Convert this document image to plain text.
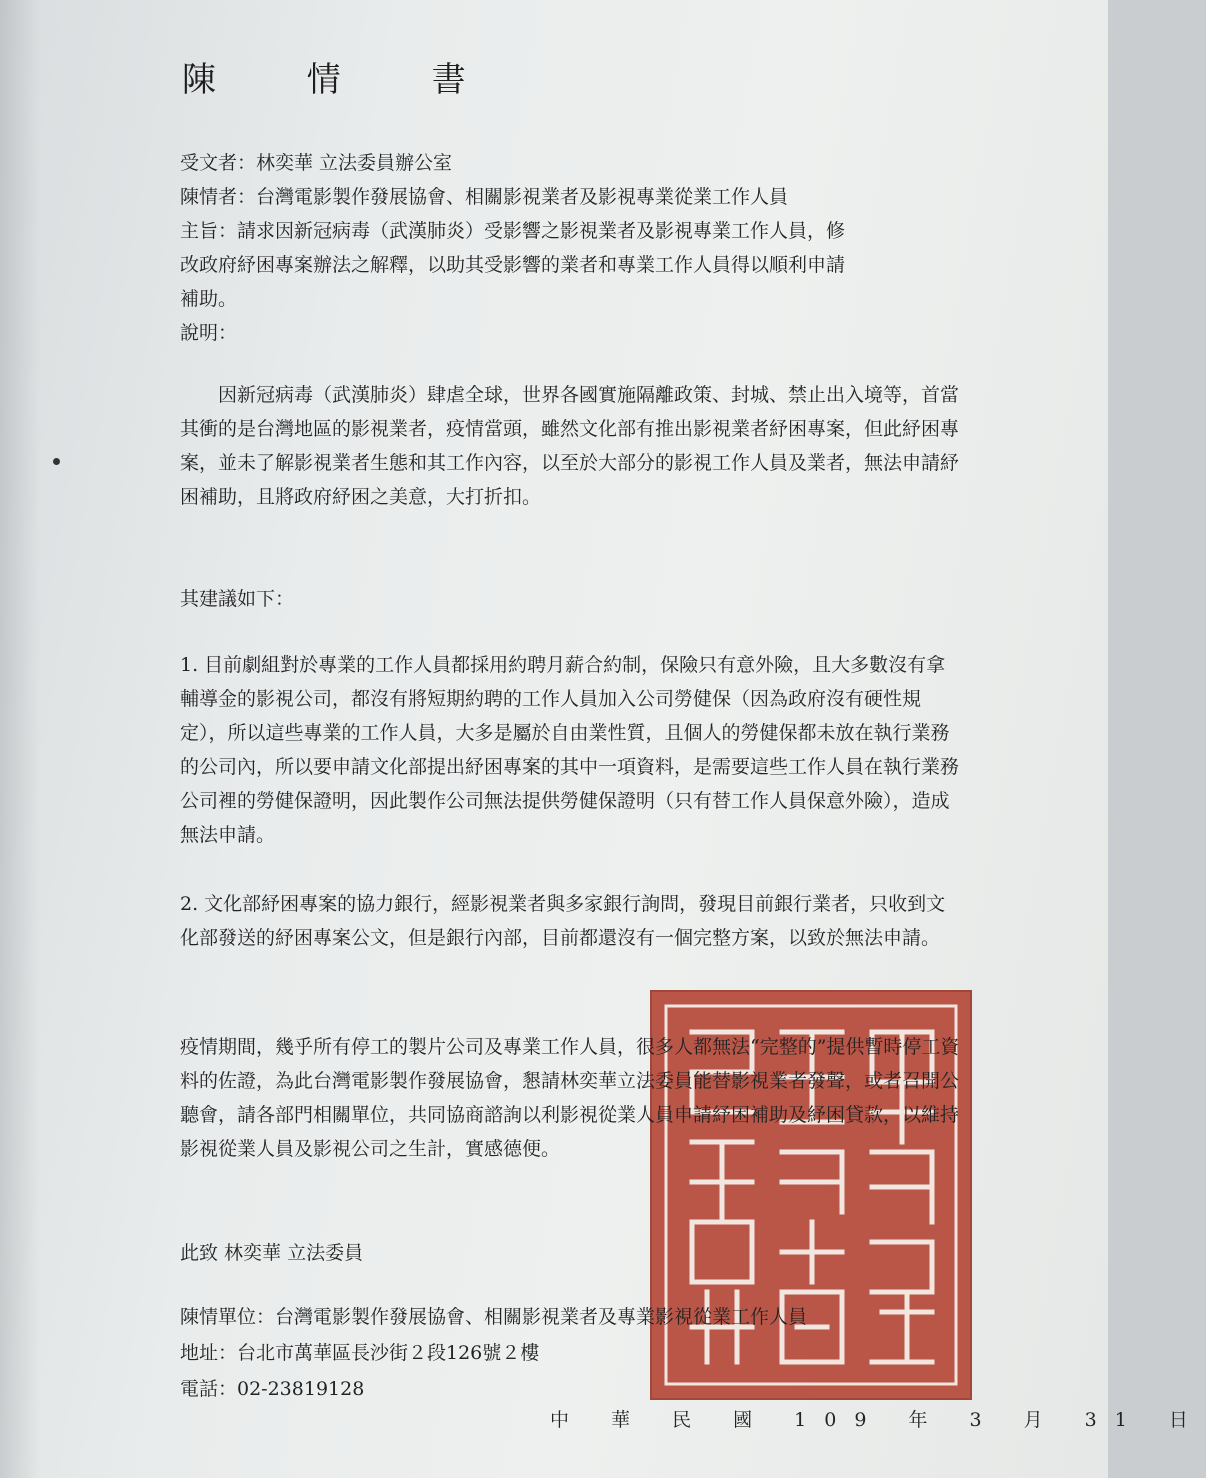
陳 情 書
受文者：林奕華 立法委員辦公室
陳情者：台灣電影製作發展協會、相關影視業者及影視專業從業工作人員
主旨：請求因新冠病毒（武漢肺炎）受影響之影視業者及影視專業工作人員，修
改政府紓困專案辦法之解釋，以助其受影響的業者和專業工作人員得以順利申請
補助。
說明：
因新冠病毒（武漢肺炎）肆虐全球，世界各國實施隔離政策、封城、禁止出入境等，首當其衝的是台灣地區的影視業者，疫情當頭，雖然文化部有推出影視業者紓困專案，但此紓困專案，並未了解影視業者生態和其工作內容，以至於大部分的影視工作人員及業者，無法申請紓困補助，且將政府紓困之美意，大打折扣。
其建議如下：
1. 目前劇組對於專業的工作人員都採用約聘月薪合約制，保險只有意外險，且大多數沒有拿輔導金的影視公司，都沒有將短期約聘的工作人員加入公司勞健保（因為政府沒有硬性規定），所以這些專業的工作人員，大多是屬於自由業性質，且個人的勞健保都未放在執行業務的公司內，所以要申請文化部提出紓困專案的其中一項資料，是需要這些工作人員在執行業務公司裡的勞健保證明，因此製作公司無法提供勞健保證明（只有替工作人員保意外險），造成無法申請。
2. 文化部紓困專案的協力銀行，經影視業者與多家銀行詢問，發現目前銀行業者，只收到文化部發送的紓困專案公文，但是銀行內部，目前都還沒有一個完整方案，以致於無法申請。
疫情期間，幾乎所有停工的製片公司及專業工作人員，很多人都無法“完整的”提供暫時停工資料的佐證，為此台灣電影製作發展協會，懇請林奕華立法委員能替影視業者發聲，或者召開公聽會，請各部門相關單位，共同協商諮詢以利影視從業人員申請紓困補助及紓困貸款，以維持影視從業人員及影視公司之生計，實感德便。
此致 林奕華 立法委員
陳情單位：台灣電影製作發展協會、相關影視業者及專業影視從業工作人員
地址：台北市萬華區長沙街２段126號２樓
電話：02-23819128
中 華 民 國 109 年 3 月 31 日
